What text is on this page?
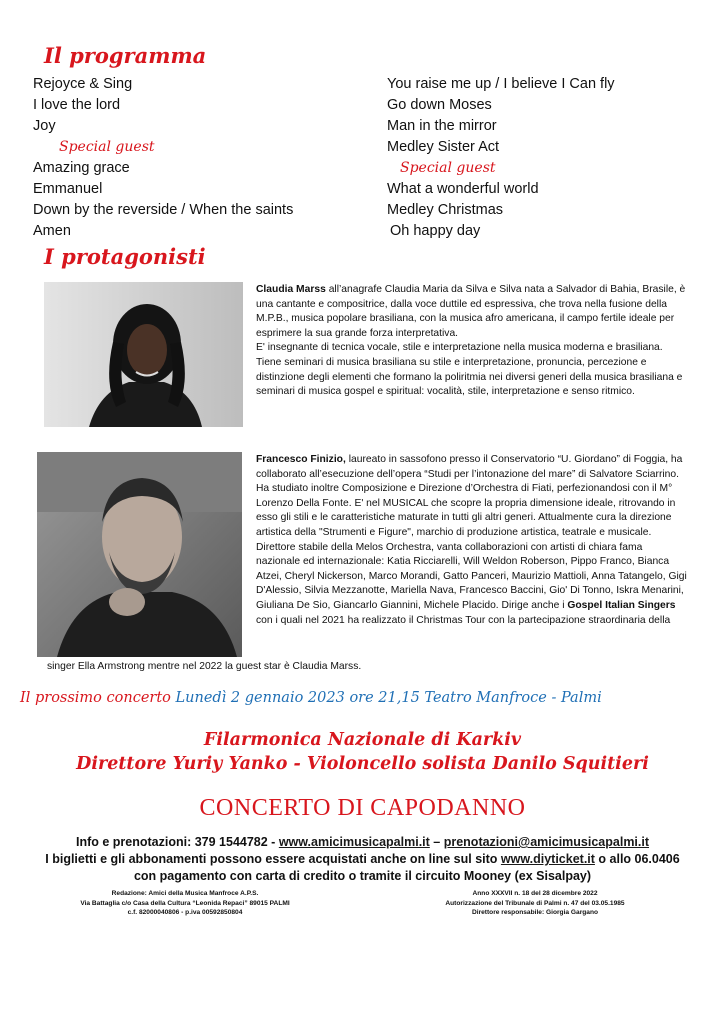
Il programma
Rejoyce & Sing
I love the lord
Joy
Special guest
Amazing grace
Emmanuel
Down by the reverside / When the saints
Amen
You raise me up / I believe I Can fly
Go down Moses
Man in the mirror
Medley Sister Act
Special guest
What a wonderful world
Medley Christmas
Oh happy day
I protagonisti
Claudia Marss all’anagrafe Claudia Maria da Silva e Silva nata a Salvador di Bahia, Brasile, è una cantante e compositrice, dalla voce duttile ed espressiva, che trova nella fusione della M.P.B., musica popolare brasiliana, con la musica afro americana, il campo fertile ideale per esprimere la sua grande forza interpretativa.
E' insegnante di tecnica vocale, stile e interpretazione nella musica moderna e brasiliana. Tiene seminari di musica brasiliana su stile e interpretazione, pronuncia, percezione e distinzione degli elementi che formano la poliritmia nei diversi generi della musica brasiliana e seminari di musica gospel e spiritual: vocalità, stile, interpretazione e senso ritmico.
Francesco Finizio, laureato in sassofono presso il Conservatorio “U. Giordano” di Foggia, ha collaborato all’esecuzione dell’opera “Studi per l’intonazione del mare” di Salvatore Sciarrino. Ha studiato inoltre Composizione e Direzione d’Orchestra di Fiati, perfezionandosi con il M° Lorenzo Della Fonte. E' nel MUSICAL che scopre la propria dimensione ideale, ritrovando in esso gli stili e le caratteristiche maturate in tutti gli altri generi. Attualmente cura la direzione artistica della "Strumenti e Figure", marchio di produzione artistica, teatrale e musicale. Direttore stabile della Melos Orchestra, vanta collaborazioni con artisti di chiara fama nazionale ed internazionale: Katia Ricciarelli, Will Weldon Roberson, Pippo Franco, Bianca Atzei, Cheryl Nickerson, Marco Morandi, Gatto Panceri, Maurizio Mattioli, Anna Tatangelo, Gigi D'Alessio, Silvia Mezzanotte, Mariella Nava, Francesco Baccini, Gio' Di Tonno, Iskra Menarini, Giuliana De Sio, Giancarlo Giannini, Michele Placido. Dirige anche i Gospel Italian Singers con i quali nel 2021 ha realizzato il Christmas Tour con la partecipazione straordinaria della
singer Ella Armstrong mentre nel 2022 la guest star è Claudia Marss.
Il prossimo concerto Lunedì 2 gennaio 2023 ore 21,15 Teatro Manfroce - Palmi
Filarmonica Nazionale di Karkiv
Direttore Yuriy Yanko - Violoncello solista Danilo Squitieri
CONCERTO DI CAPODANNO
Info e prenotazioni: 379 1544782 - www.amicimusicapalmi.it – prenotazioni@amicimusicapalmi.it
I biglietti e gli abbonamenti possono essere acquistati anche on line sul sito www.diyticket.it o allo 06.0406
con pagamento con carta di credito o tramite il circuito Mooney (ex Sisalpay)
Redazione: Amici della Musica Manfroce A.P.S.
Via Battaglia c/o Casa della Cultura “Leonida Repaci” 89015 PALMI
c.f. 82000040806 - p.iva 00592850804
Anno XXXVII n. 18 del 28 dicembre 2022
Autorizzazione del Tribunale di Palmi n. 47 del 03.05.1985
Direttore responsabile: Giorgia Gargano
